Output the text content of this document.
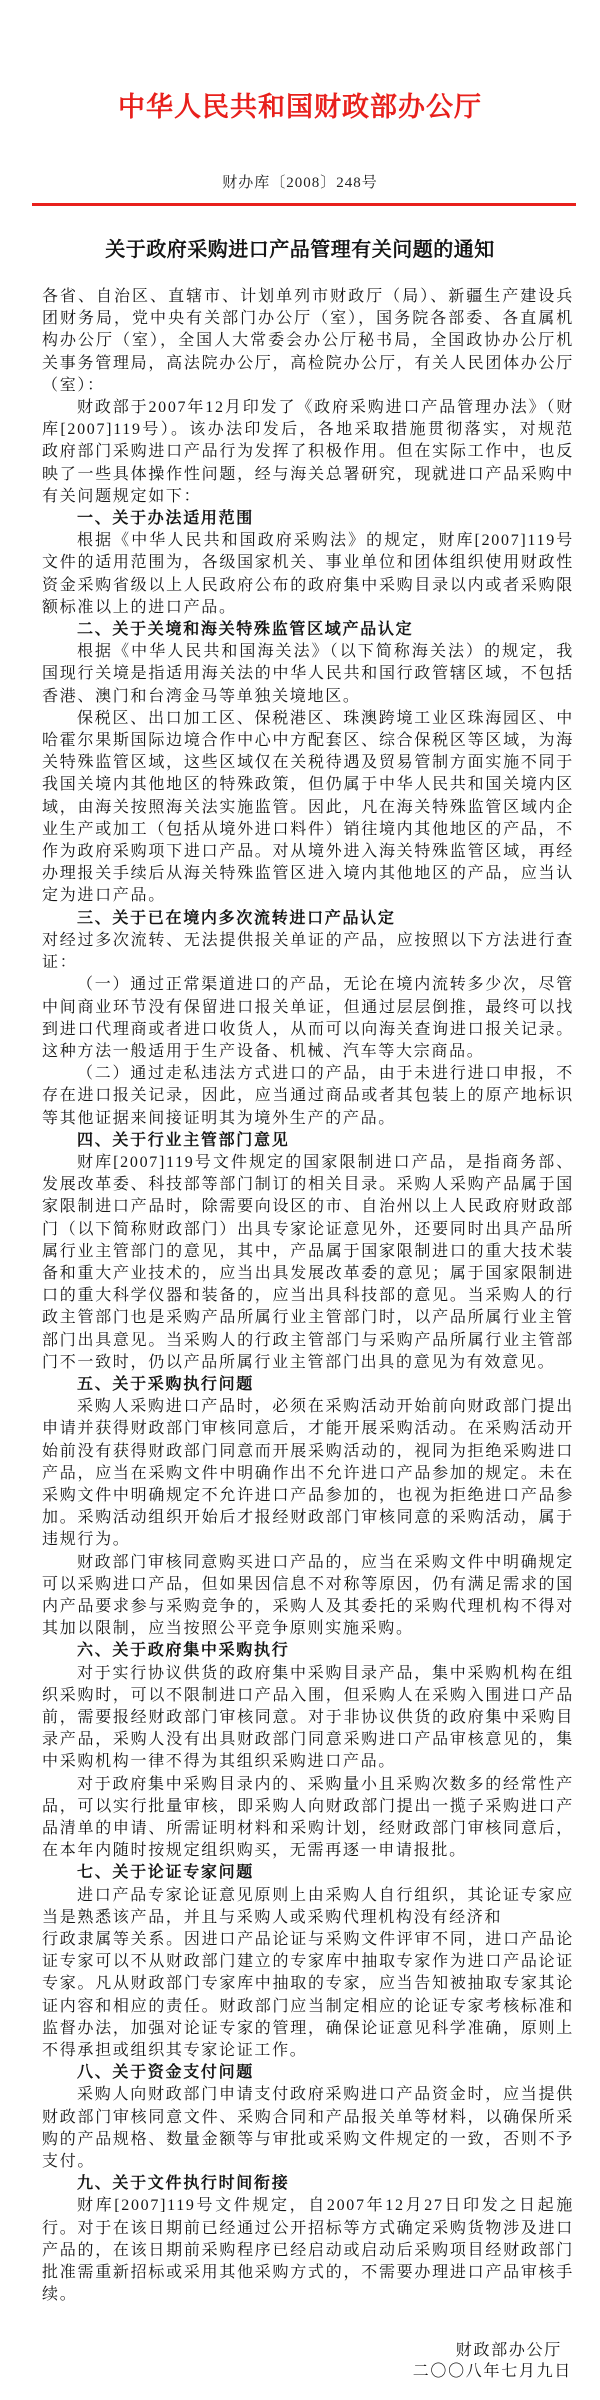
中华人民共和国财政部办公厅
财办库〔2008〕248号
关于政府采购进口产品管理有关问题的通知

各省、自治区、直辖市、计划单列市财政厅（局）、新疆生产建设兵团财务局，党中央有关部门办公厅（室），国务院各部委、各直属机构办公厅（室），全国人大常委会办公厅秘书局，全国政协办公厅机关事务管理局，高法院办公厅，高检院办公厅，有关人民团体办公厅（室）：

财政部于2007年12月印发了《政府采购进口产品管理办法》（财库[2007]119号）。该办法印发后，各地采取措施贯彻落实，对规范政府部门采购进口产品行为发挥了积极作用。但在实际工作中，也反映了一些具体操作性问题，经与海关总署研究，现就进口产品采购中有关问题规定如下：

一、关于办法适用范围

根据《中华人民共和国政府采购法》的规定，财库[2007]119号文件的适用范围为，各级国家机关、事业单位和团体组织使用财政性资金采购省级以上人民政府公布的政府集中采购目录以内或者采购限额标准以上的进口产品。

二、关于关境和海关特殊监管区域产品认定

根据《中华人民共和国海关法》（以下简称海关法）的规定，我国现行关境是指适用海关法的中华人民共和国行政管辖区域，不包括香港、澳门和台湾金马等单独关境地区。

保税区、出口加工区、保税港区、珠澳跨境工业区珠海园区、中哈霍尔果斯国际边境合作中心中方配套区、综合保税区等区域，为海关特殊监管区域，这些区域仅在关税待遇及贸易管制方面实施不同于我国关境内其他地区的特殊政策，但仍属于中华人民共和国关境内区域，由海关按照海关法实施监管。因此，凡在海关特殊监管区域内企业生产或加工（包括从境外进口料件）销往境内其他地区的产品，不作为政府采购项下进口产品。对从境外进入海关特殊监管区域，再经办理报关手续后从海关特殊监管区进入境内其他地区的产品，应当认定为进口产品。

三、关于已在境内多次流转进口产品认定

对经过多次流转、无法提供报关单证的产品，应按照以下方法进行查证：

（一）通过正常渠道进口的产品，无论在境内流转多少次，尽管中间商业环节没有保留进口报关单证，但通过层层倒推，最终可以找到进口代理商或者进口收货人，从而可以向海关查询进口报关记录。这种方法一般适用于生产设备、机械、汽车等大宗商品。

（二）通过走私违法方式进口的产品，由于未进行进口申报，不存在进口报关记录，因此，应当通过商品或者其包装上的原产地标识等其他证据来间接证明其为境外生产的产品。

四、关于行业主管部门意见

财库[2007]119号文件规定的国家限制进口产品，是指商务部、发展改革委、科技部等部门制订的相关目录。采购人采购产品属于国家限制进口产品时，除需要向设区的市、自治州以上人民政府财政部门（以下简称财政部门）出具专家论证意见外，还要同时出具产品所属行业主管部门的意见，其中，产品属于国家限制进口的重大技术装备和重大产业技术的，应当出具发展改革委的意见；属于国家限制进口的重大科学仪器和装备的，应当出具科技部的意见。当采购人的行政主管部门也是采购产品所属行业主管部门时，以产品所属行业主管部门出具意见。当采购人的行政主管部门与采购产品所属行业主管部门不一致时，仍以产品所属行业主管部门出具的意见为有效意见。

五、关于采购执行问题

采购人采购进口产品时，必须在采购活动开始前向财政部门提出申请并获得财政部门审核同意后，才能开展采购活动。在采购活动开始前没有获得财政部门同意而开展采购活动的，视同为拒绝采购进口产品，应当在采购文件中明确作出不允许进口产品参加的规定。未在采购文件中明确规定不允许进口产品参加的，也视为拒绝进口产品参加。采购活动组织开始后才报经财政部门审核同意的采购活动，属于违规行为。

财政部门审核同意购买进口产品的，应当在采购文件中明确规定可以采购进口产品，但如果因信息不对称等原因，仍有满足需求的国内产品要求参与采购竞争的，采购人及其委托的采购代理机构不得对其加以限制，应当按照公平竞争原则实施采购。

六、关于政府集中采购执行

对于实行协议供货的政府集中采购目录产品，集中采购机构在组织采购时，可以不限制进口产品入围，但采购人在采购入围进口产品前，需要报经财政部门审核同意。对于非协议供货的政府集中采购目录产品，采购人没有出具财政部门同意采购进口产品审核意见的，集中采购机构一律不得为其组织采购进口产品。

对于政府集中采购目录内的、采购量小且采购次数多的经常性产品，可以实行批量审核，即采购人向财政部门提出一揽子采购进口产品清单的申请、所需证明材料和采购计划，经财政部门审核同意后，在本年内随时按规定组织购买，无需再逐一申请报批。

七、关于论证专家问题

进口产品专家论证意见原则上由采购人自行组织，其论证专家应当是熟悉该产品，并且与采购人或采购代理机构没有经济和

行政隶属等关系。因进口产品论证与采购文件评审不同，进口产品论证专家可以不从财政部门建立的专家库中抽取专家作为进口产品论证专家。凡从财政部门专家库中抽取的专家，应当告知被抽取专家其论证内容和相应的责任。财政部门应当制定相应的论证专家考核标准和监督办法，加强对论证专家的管理，确保论证意见科学准确，原则上不得承担或组织其专家论证工作。

八、关于资金支付问题

采购人向财政部门申请支付政府采购进口产品资金时，应当提供财政部门审核同意文件、采购合同和产品报关单等材料，以确保所采购的产品规格、数量金额等与审批或采购文件规定的一致，否则不予支付。

九、关于文件执行时间衔接

财库[2007]119号文件规定，自2007年12月27日印发之日起施行。对于在该日期前已经通过公开招标等方式确定采购货物涉及进口产品的，在该日期前采购程序已经启动或启动后采购项目经财政部门批准需重新招标或采用其他采购方式的，不需要办理进口产品审核手续。

财政部办公厅
二〇〇八年七月九日
